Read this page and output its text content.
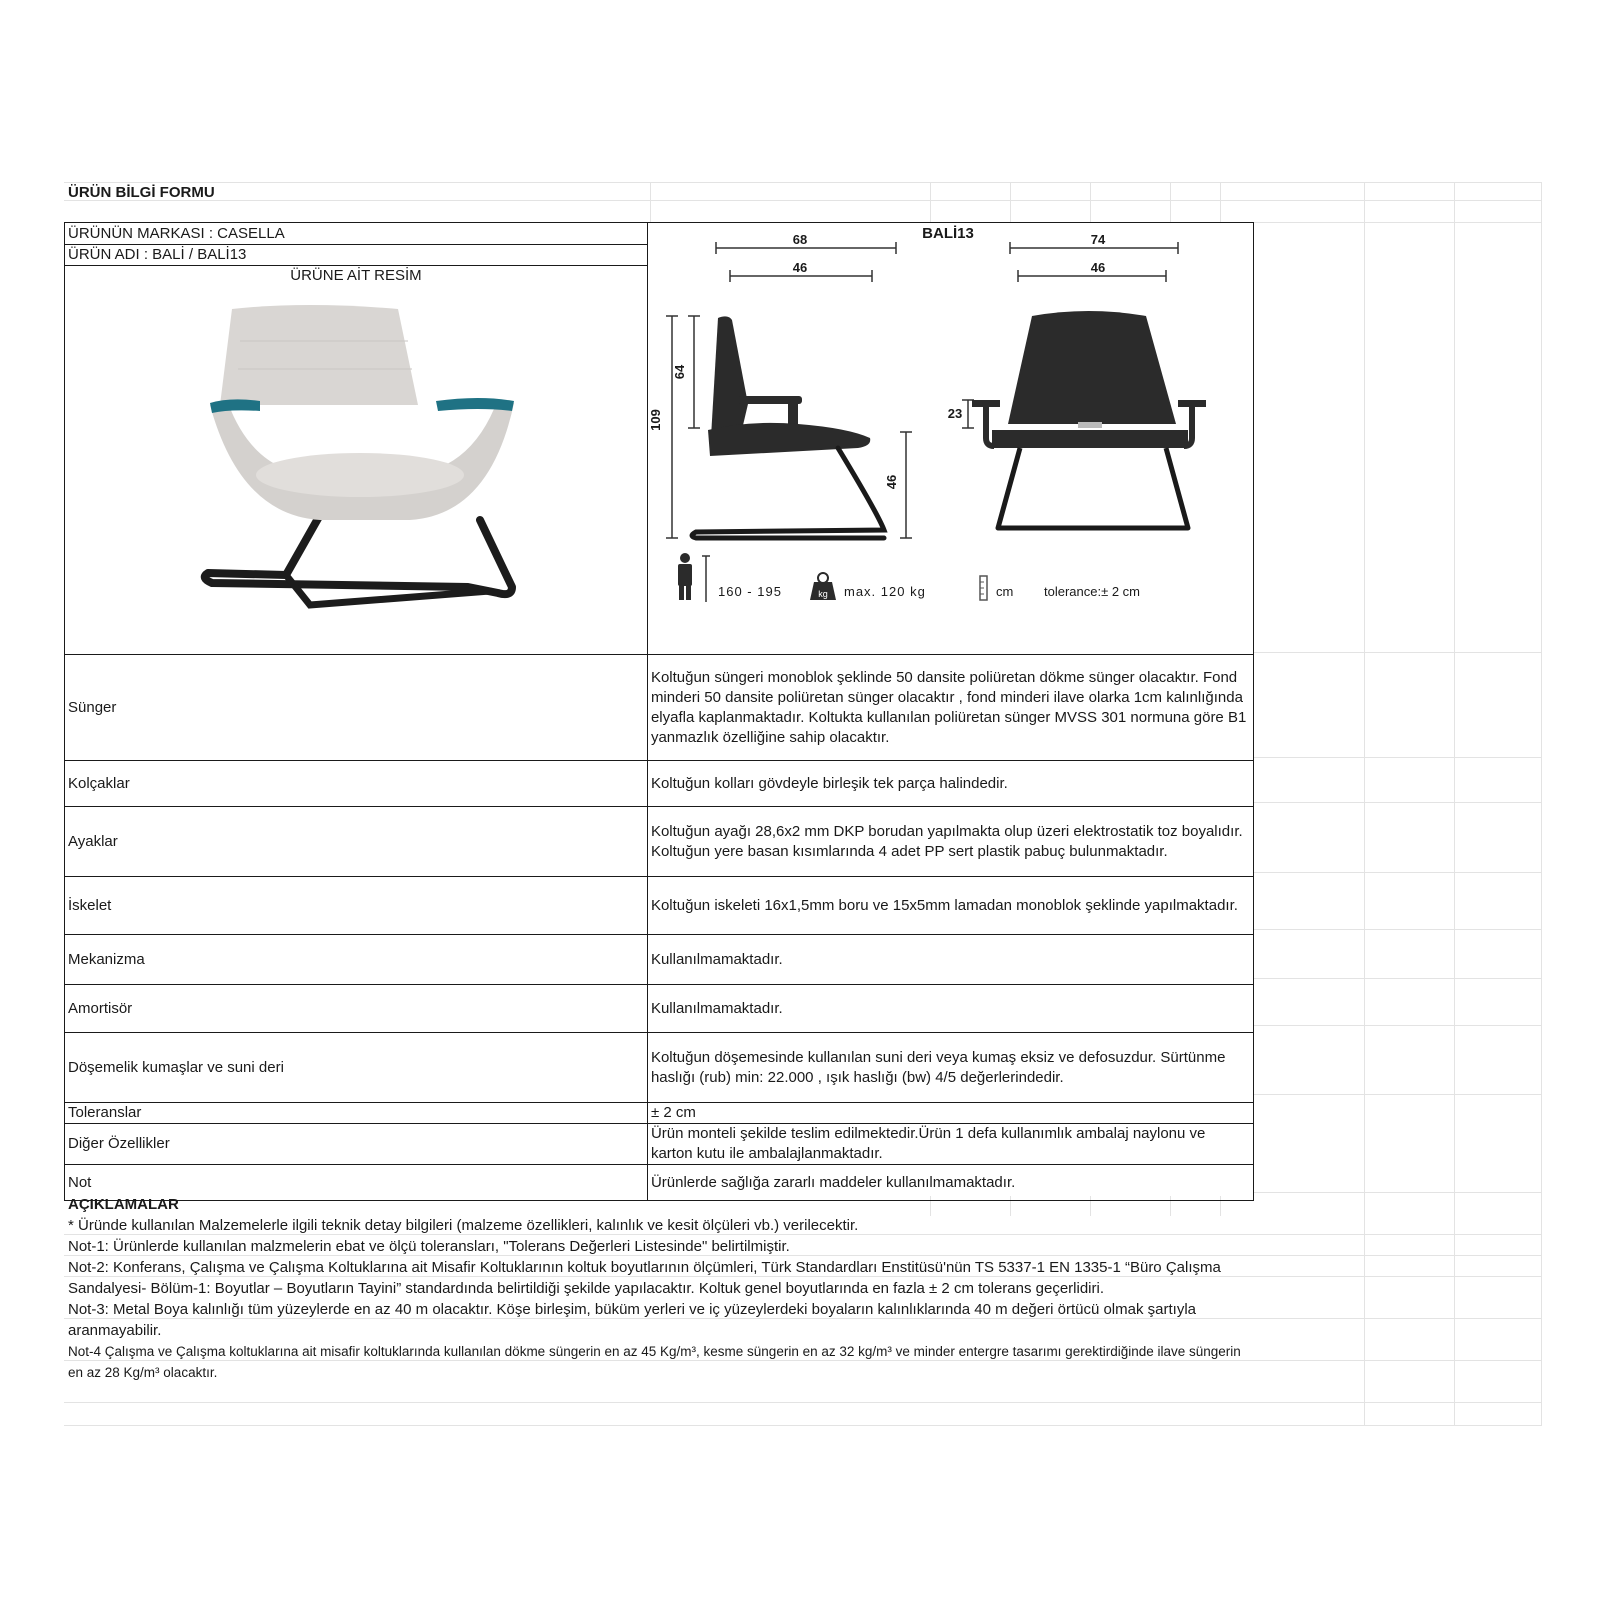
ÜRÜN BİLGİ FORMU
ÜRÜNÜN MARKASI : CASELLA	
ÜRÜN ADI : BALİ / BALİ13	
ÜRÜNE AİT RESİM	

Sünger	Koltuğun süngeri monoblok şeklinde 50 dansite poliüretan dökme sünger olacaktır. Fond minderi 50 dansite poliüretan sünger olacaktır , fond minderi ilave olarka 1cm kalınlığında elyafla kaplanmaktadır. Koltukta kullanılan poliüretan sünger MVSS 301 normuna göre B1 yanmazlık özelliğine sahip olacaktır.
Kolçaklar	Koltuğun kolları gövdeyle birleşik tek parça halindedir.
Ayaklar	Koltuğun ayağı 28,6x2 mm DKP borudan yapılmakta olup üzeri elektrostatik toz boyalıdır. Koltuğun yere basan kısımlarında 4 adet PP sert plastik pabuç bulunmaktadır.
İskelet	Koltuğun iskeleti 16x1,5mm boru ve 15x5mm lamadan monoblok şeklinde yapılmaktadır.
Mekanizma	Kullanılmamaktadır.
Amortisör	Kullanılmamaktadır.
Döşemelik kumaşlar ve suni deri	Koltuğun döşemesinde kullanılan suni deri veya kumaş eksiz ve defosuzdur. Sürtünme haslığı (rub) min: 22.000 , ışık haslığı (bw) 4/5 değerlerindedir.
Toleranslar	± 2 cm
Diğer Özellikler	Ürün monteli şekilde teslim edilmektedir.Ürün 1 defa kullanımlık ambalaj naylonu ve karton kutu ile ambalajlanmaktadır.
Not	Ürünlerde sağlığa zararlı maddeler kullanılmamaktadır.
BALİ13
68
46
74
46
109
64
46
23
160 - 195	kg max. 120 kg	cm tolerance:± 2 cm
AÇIKLAMALAR
* Üründe kullanılan Malzemelerle ilgili teknik detay bilgileri (malzeme özellikleri, kalınlık ve kesit ölçüleri vb.) verilecektir.
Not-1: Ürünlerde kullanılan malzmelerin ebat ve ölçü toleransları, "Tolerans Değerleri Listesinde" belirtilmiştir.
Not-2: Konferans, Çalışma ve Çalışma Koltuklarına ait Misafir Koltuklarının koltuk boyutlarının ölçümleri, Türk Standardları Enstitüsü'nün TS 5337-1 EN 1335-1 “Büro Çalışma Sandalyesi- Bölüm-1: Boyutlar – Boyutların Tayini” standardında belirtildiği şekilde yapılacaktır. Koltuk genel boyutlarında en fazla ± 2 cm tolerans geçerlidiri.
Not-3: Metal Boya kalınlığı tüm yüzeylerde en az 40 m olacaktır. Köşe birleşim, büküm yerleri ve iç yüzeylerdeki boyaların kalınlıklarında 40 m değeri örtücü olmak şartıyla aranmayabilir.
Not-4 Çalışma ve Çalışma koltuklarına ait misafir koltuklarında kullanılan dökme süngerin en az 45 Kg/m³, kesme süngerin en az 32 kg/m³ ve minder entergre tasarımı gerektirdiğinde ilave süngerin en az 28 Kg/m³ olacaktır.
